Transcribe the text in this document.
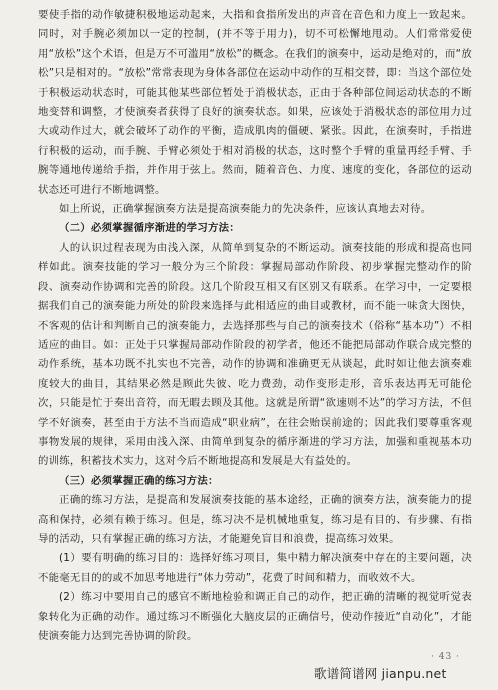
要使手指的动作敏捷积极地运动起来，大指和食指所发出的声音在音色和力度上一致起来。同时，对手腕必须加以一定的控制，(并不等于用力)，切不可松懈地甩动。人们常常爱使用“放松”这个术语，但是万不可滥用“放松”的概念。在我们的演奏中，运动是绝对的，而“放松”只是相对的。“放松”常常表现为身体各部位在运动中动作的互相交替，即：当这个部位处于积极运动状态时，可能其他某些部位暂处于消极状态，正由于各种部位间运动状态的不断地变替和调整，才使演奏者获得了良好的演奏状态。如果，应该处于消极状态的部位用力过大或动作过大，就会破坏了动作的平衡，造成肌肉的僵硬、紧张。因此，在演奏时，手指进行积极的运动，而手腕、手臂必须处于相对消极的状态，这时整个手臂的重量再经手臂、手腕等通地传递给手指，并作用于弦上。然而，随着音色、力度、速度的变化，各部位的运动状态还可进行不断地调整。

如上所说，正确掌握演奏方法是提高演奏能力的先决条件，应该认真地去对待。

（二）必须掌握循序渐进的学习方法：

人的认识过程表现为由浅入深，从简单到复杂的不断运动。演奏技能的形成和提高也同样如此。演奏技能的学习一般分为三个阶段：掌握局部动作阶段、初步掌握完整动作的阶段、演奏动作协调和完善的阶段。这几个阶段互相又有区别又有联系。在学习中，一定要根据我们自己的演奏能力所处的阶段来选择与此相适应的曲目或教材，而不能一味贪大图快，不客观的估计和判断自己的演奏能力，去选择那些与自己的演奏技术（俗称“基本功”）不相适应的曲目。如：正处于只掌握局部动作阶段的初学者，他还不能把局部动作联合成完整的动作系统，基本功既不扎实也不完善，动作的协调和准确更无从谈起，此时如让他去演奏难度较大的曲目，其结果必然是顾此失彼、吃力费劲，动作变形走形，音乐表达再无可能伦次，只能是忙于奏出音符，而无暇去顾及其他。这就是所谓“欲速则不达”的学习方法，不但学不好演奏，甚至由于方法不当而造成“职业病”，在往会贻误前途的；因此我们要尊重客观事物发展的规律，采用由浅入深、由简单到复杂的循序渐进的学习方法，加强和重视基本功的训练，积蓄技术实力，这对今后不断地提高和发展是大有益处的。

（三）必须掌握正确的练习方法：

正确的练习方法，是提高和发展演奏技能的基本途经，正确的演奏方法，演奏能力的提高和保持，必须有赖于练习。但是，练习决不是机械地重复，练习是有目的、有步骤、有指导的活动，只有掌握正确的练习方法，才能避免盲目和浪费，提高练习效果。

(1）要有明确的练习目的：选择好练习项目，集中精力解决演奏中存在的主要问题，决不能毫无目的的或不加思考地进行“体力劳动”，花费了时间和精力，而收效不大。

(2）练习中要用自己的感官不断地检验和调正自己的动作，把正确的清晰的视觉听觉表象转化为正确的动作。通过练习不断强化大脑皮层的正确信号，使动作接近“自动化”，才能使演奏能力达到完善协调的阶段。

· 43 ·
歌谱简谱网 jianpu.net
